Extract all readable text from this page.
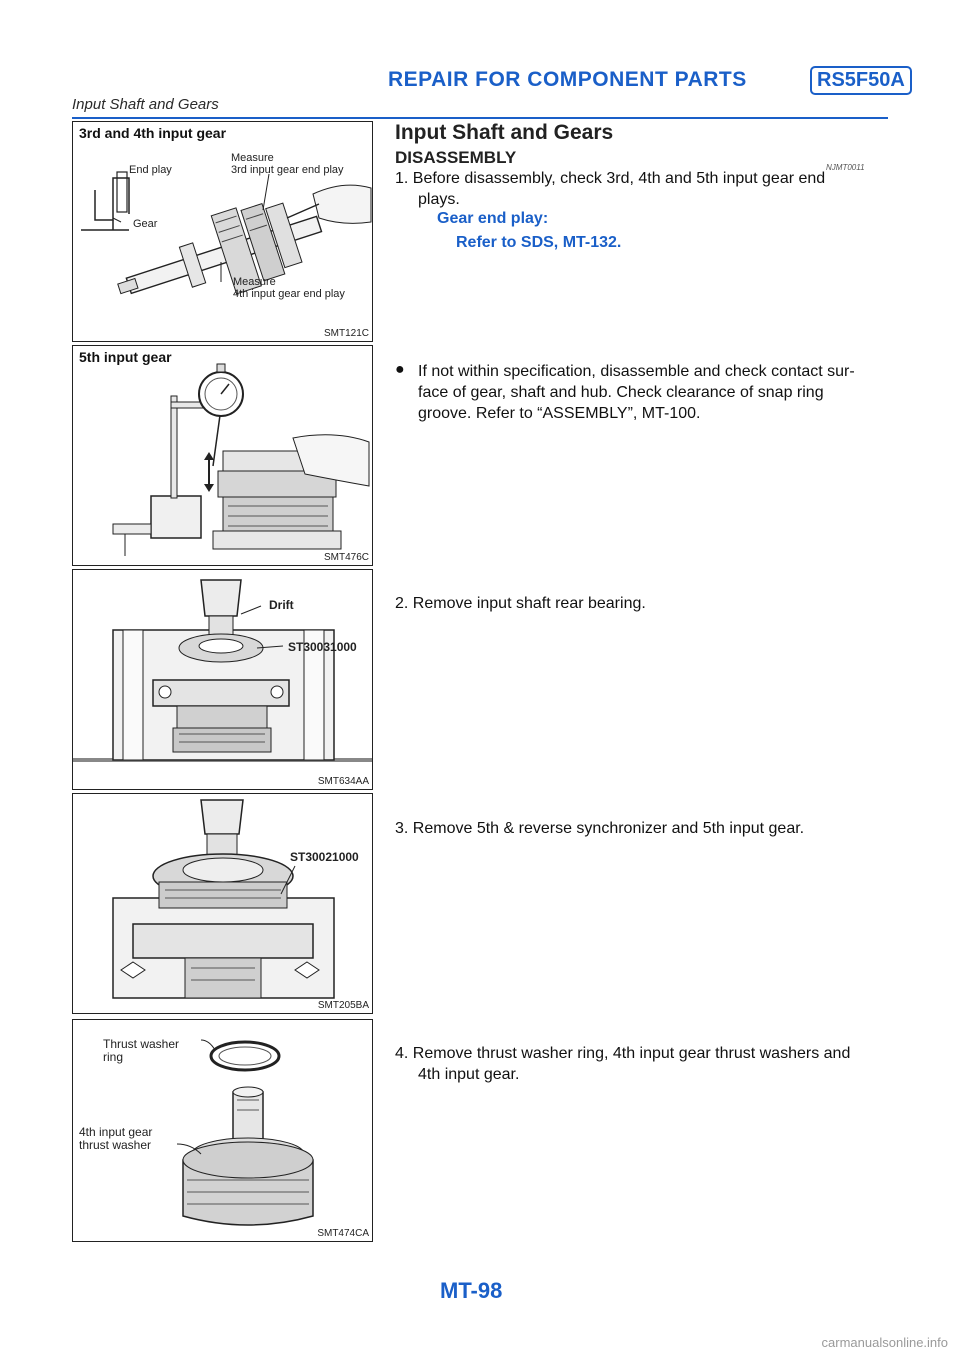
REPAIR FOR COMPONENT PARTS	RS5F50A
Input Shaft and Gears
3rd and 4th input gear
End play
Gear
Measure
3rd input gear end play
Measure
4th input gear end play
SMT121C
5th input gear
SMT476C
Drift
ST30031000
SMT634AA
ST30021000
SMT205BA
Thrust washer
ring
4th input gear
thrust washer
SMT474CA
Input Shaft and Gears
DISASSEMBLY
NJMT0011
1. Before disassembly, check 3rd, 4th and 5th input gear end
plays.
Gear end play:
Refer to SDS, MT-132.
● If not within specification, disassemble and check contact sur-
face of gear, shaft and hub. Check clearance of snap ring
groove. Refer to “ASSEMBLY”, MT-100.
2. Remove input shaft rear bearing.
3. Remove 5th & reverse synchronizer and 5th input gear.
4. Remove thrust washer ring, 4th input gear thrust washers and
4th input gear.
MT-98
carmanualsonline.info
